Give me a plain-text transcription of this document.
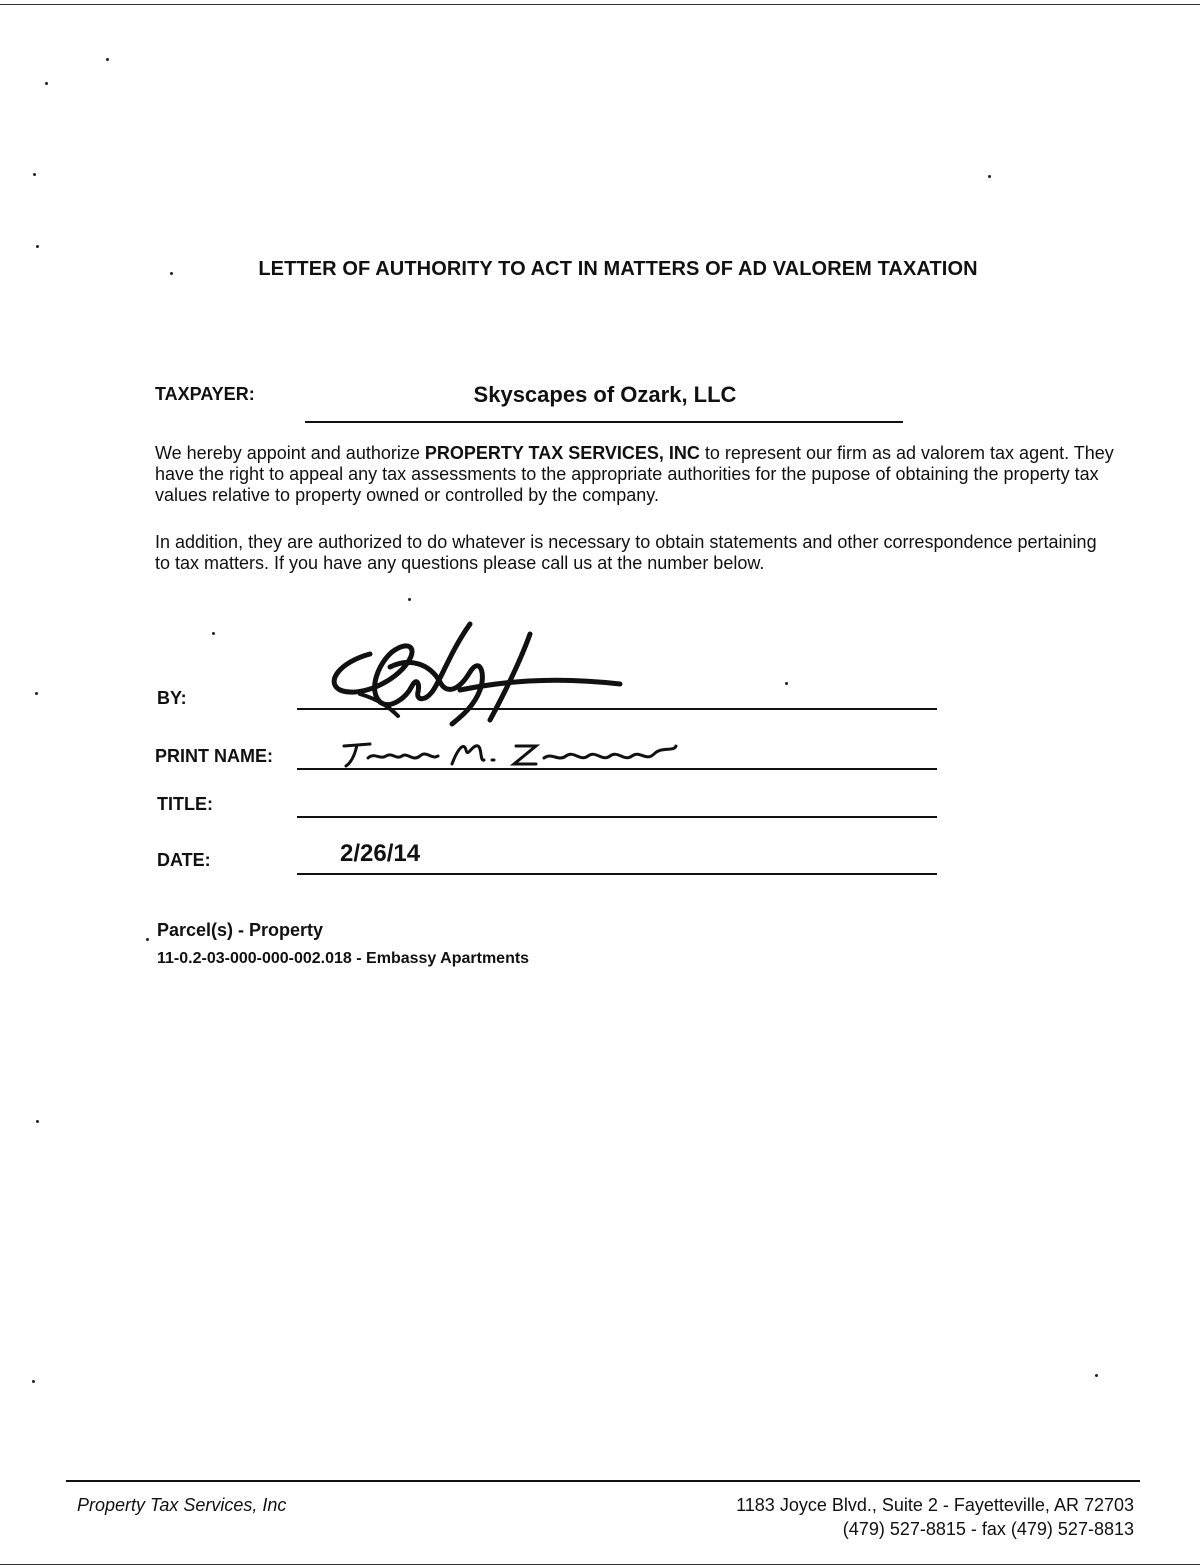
LETTER OF AUTHORITY TO ACT IN MATTERS OF AD VALOREM TAXATION
TAXPAYER:	Skyscapes of Ozark, LLC
We hereby appoint and authorize PROPERTY TAX SERVICES, INC to represent our firm as ad valorem tax agent. They have the right to appeal any tax assessments to the appropriate authorities for the pupose of obtaining the property tax values relative to property owned or controlled by the company.
In addition, they are authorized to do whatever is necessary to obtain statements and other correspondence pertaining to tax matters. If you have any questions please call us at the number below.
BY:
PRINT NAME:
TITLE:
DATE:	2/26/14
Parcel(s) - Property
11-0.2-03-000-000-002.018 - Embassy Apartments
Property Tax Services, Inc	1183 Joyce Blvd., Suite 2 - Fayetteville, AR 72703
(479) 527-8815 - fax (479) 527-8813
